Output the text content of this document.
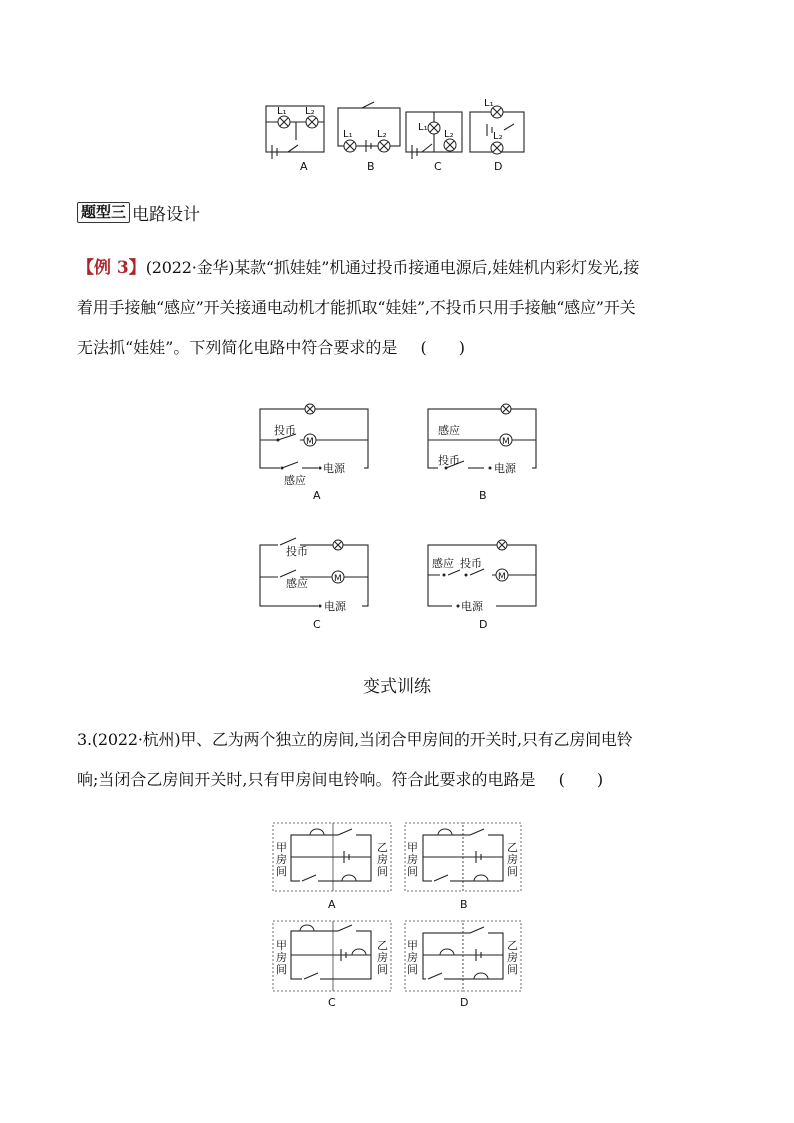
L₁ L₂
A
L₁ L₂
B
L₁
L₂
C
L₁
L₂
D
题型三 电路设计
【例 3】(2022·金华)某款“抓娃娃”机通过投币接通电源后,娃娃机内彩灯发光,接
着用手接触“感应”开关接通电动机才能抓取“娃娃”,不投币只用手接触“感应”开关
无法抓“娃娃”。下列简化电路中符合要求的是 (　　)
M
投币
感应
电源
A
M
感应
投币
电源
B
M
投币
感应
电源
C
M
感应 投币
电源
D
变式训练
3.(2022·杭州)甲、乙为两个独立的房间,当闭合甲房间的开关时,只有乙房间电铃
响;当闭合乙房间开关时,只有甲房间电铃响。符合此要求的电路是 (　　)
甲
房
间
乙
房
间
A
甲
房
间
乙
房
间
B
甲
房
间
乙
房
间
C
甲
房
间
乙
房
间
D
